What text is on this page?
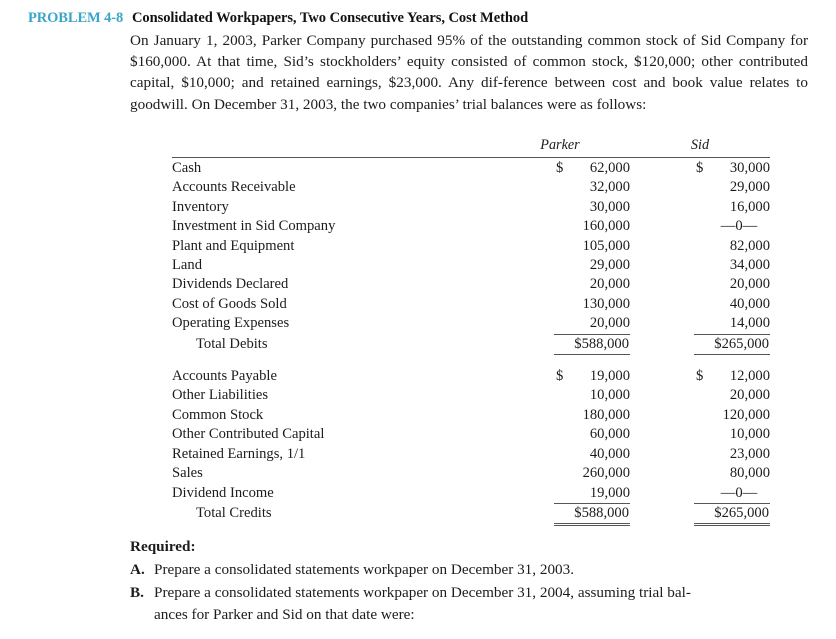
PROBLEM 4-8 Consolidated Workpapers, Two Consecutive Years, Cost Method
On January 1, 2003, Parker Company purchased 95% of the outstanding common stock of Sid Company for $160,000. At that time, Sid’s stockholders’ equity consisted of common stock, $120,000; other contributed capital, $10,000; and retained earnings, $23,000. Any dif-ference between cost and book value relates to goodwill. On December 31, 2003, the two companies’ trial balances were as follows:
	Parker	Sid

Cash	$ 62,000	$ 30,000
Accounts Receivable	32,000	29,000
Inventory	30,000	16,000
Investment in Sid Company	160,000	—0—
Plant and Equipment	105,000	82,000
Land	29,000	34,000
Dividends Declared	20,000	20,000
Cost of Goods Sold	130,000	40,000
Operating Expenses	20,000	14,000
Total Debits	$588,000	$265,000

Accounts Payable	$ 19,000	$ 12,000
Other Liabilities	10,000	20,000
Common Stock	180,000	120,000
Other Contributed Capital	60,000	10,000
Retained Earnings, 1/1	40,000	23,000
Sales	260,000	80,000
Dividend Income	19,000	—0—
Total Credits	$588,000	$265,000
Required:
A. Prepare a consolidated statements workpaper on December 31, 2003.
B. Prepare a consolidated statements workpaper on December 31, 2004, assuming trial bal-
ances for Parker and Sid on that date were:
